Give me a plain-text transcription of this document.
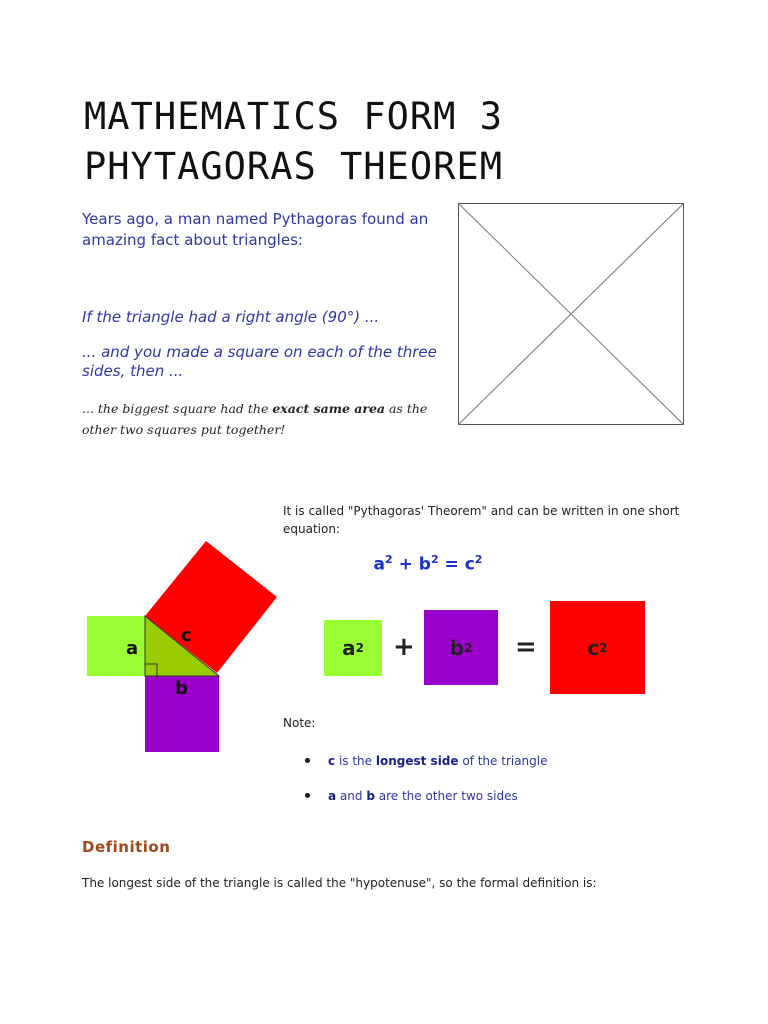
MATHEMATICS FORM 3
PHYTAGORAS THEOREM

Years ago, a man named Pythagoras found an amazing fact about triangles:

If the triangle had a right angle (90°) ...

... and you made a square on each of the three sides, then ...

... the biggest square had the exact same area as the other two squares put together!

It is called "Pythagoras' Theorem" and can be written in one short equation:

$a^2 + b^2 = c^2$
a
b
c
a 2 + b 2 =	c 2
Note:
c is the longest side of the triangle
a and b are the other two sides
Definition

The longest side of the triangle is called the "hypotenuse", so the formal definition is:
